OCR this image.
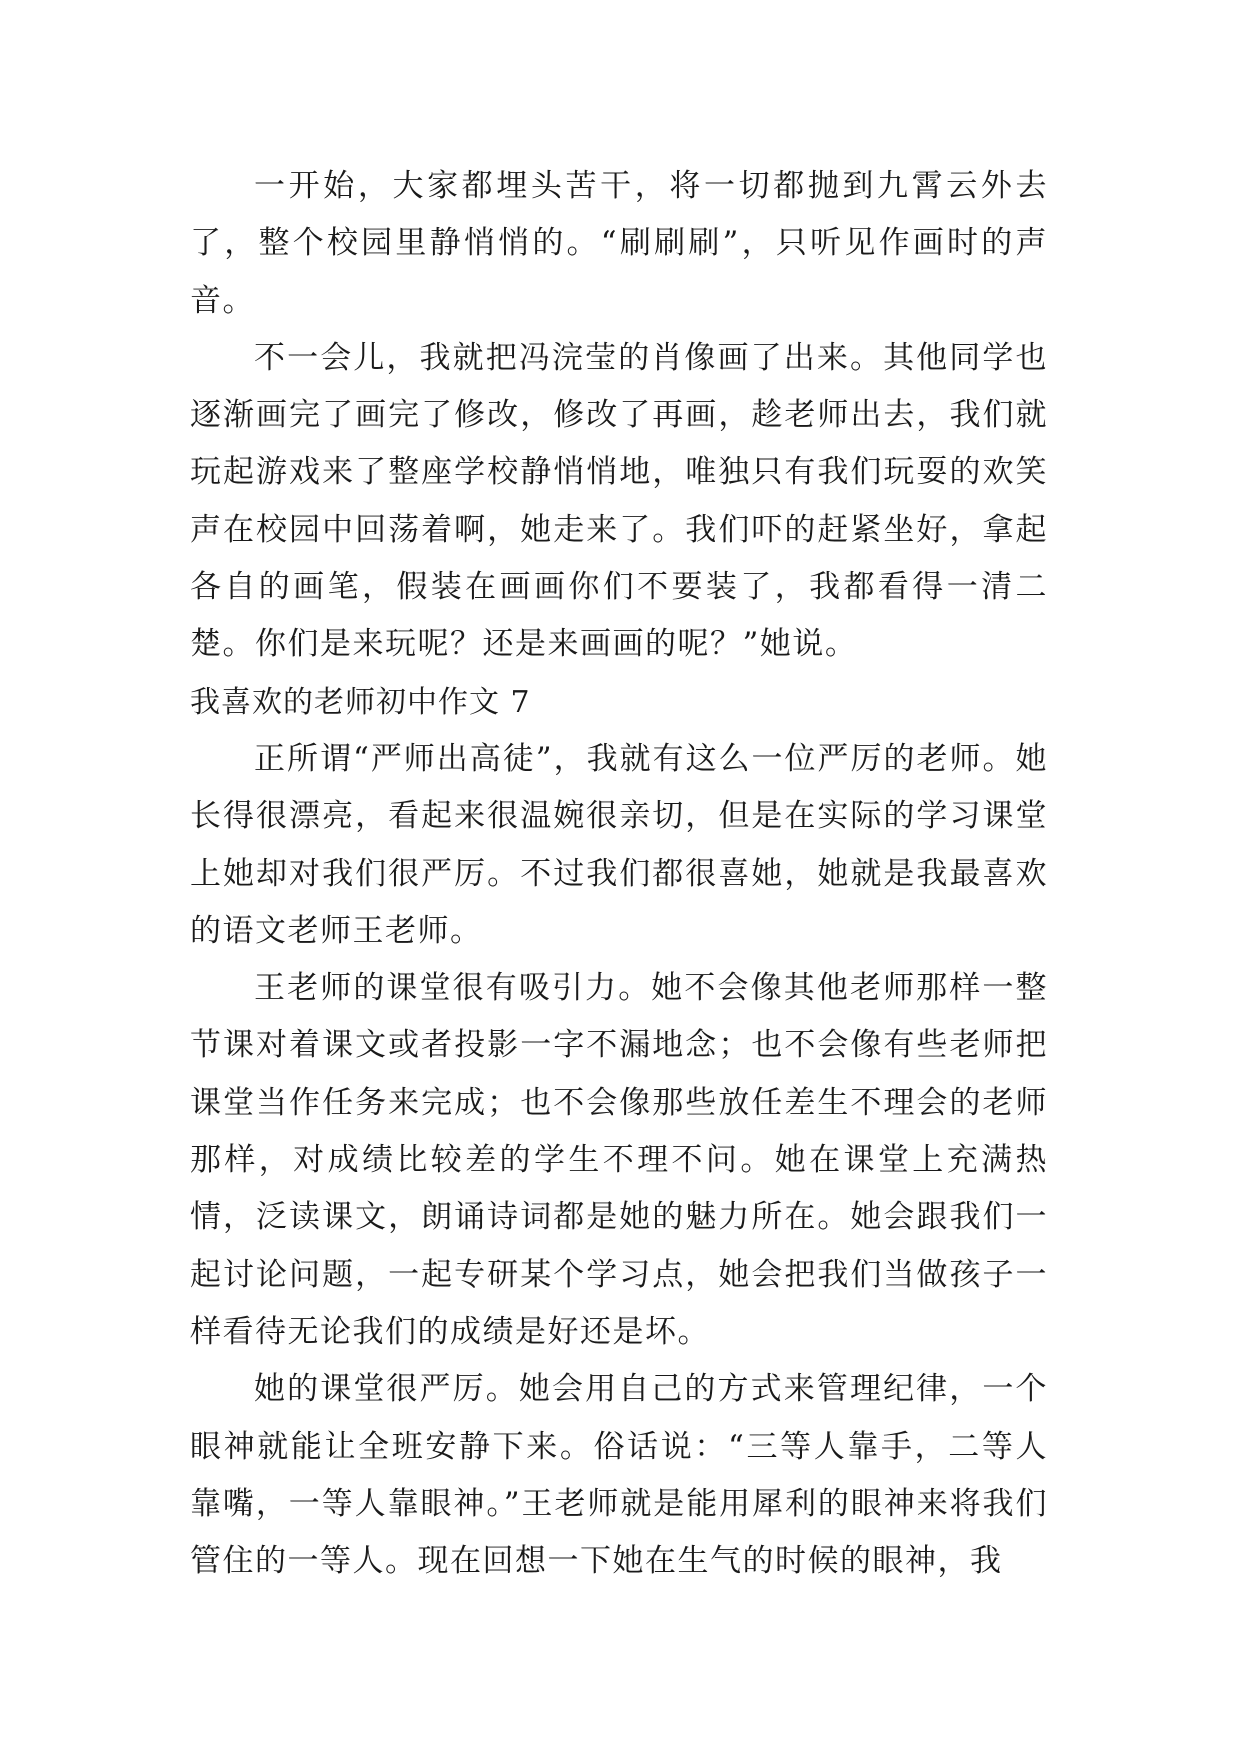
一开始，大家都埋头苦干，将一切都抛到九霄云外去了，整个校园里静悄悄的。“刷刷刷”，只听见作画时的声音。

不一会儿，我就把冯浣莹的肖像画了出来。其他同学也逐渐画完了画完了修改，修改了再画，趁老师出去，我们就玩起游戏来了整座学校静悄悄地，唯独只有我们玩耍的欢笑声在校园中回荡着啊，她走来了。我们吓的赶紧坐好，拿起各自的画笔，假装在画画你们不要装了，我都看得一清二楚。你们是来玩呢？还是来画画的呢？”她说。

我喜欢的老师初中作文 7

正所谓“严师出高徒”，我就有这么一位严厉的老师。她长得很漂亮，看起来很温婉很亲切，但是在实际的学习课堂上她却对我们很严厉。不过我们都很喜她，她就是我最喜欢的语文老师王老师。

王老师的课堂很有吸引力。她不会像其他老师那样一整节课对着课文或者投影一字不漏地念；也不会像有些老师把课堂当作任务来完成；也不会像那些放任差生不理会的老师那样，对成绩比较差的学生不理不问。她在课堂上充满热情，泛读课文，朗诵诗词都是她的魅力所在。她会跟我们一起讨论问题，一起专研某个学习点，她会把我们当做孩子一样看待无论我们的成绩是好还是坏。

她的课堂很严厉。她会用自己的方式来管理纪律，一个眼神就能让全班安静下来。俗话说：“三等人靠手，二等人靠嘴，一等人靠眼神。”王老师就是能用犀利的眼神来将我们管住的一等人。现在回想一下她在生气的时候的眼神，我
